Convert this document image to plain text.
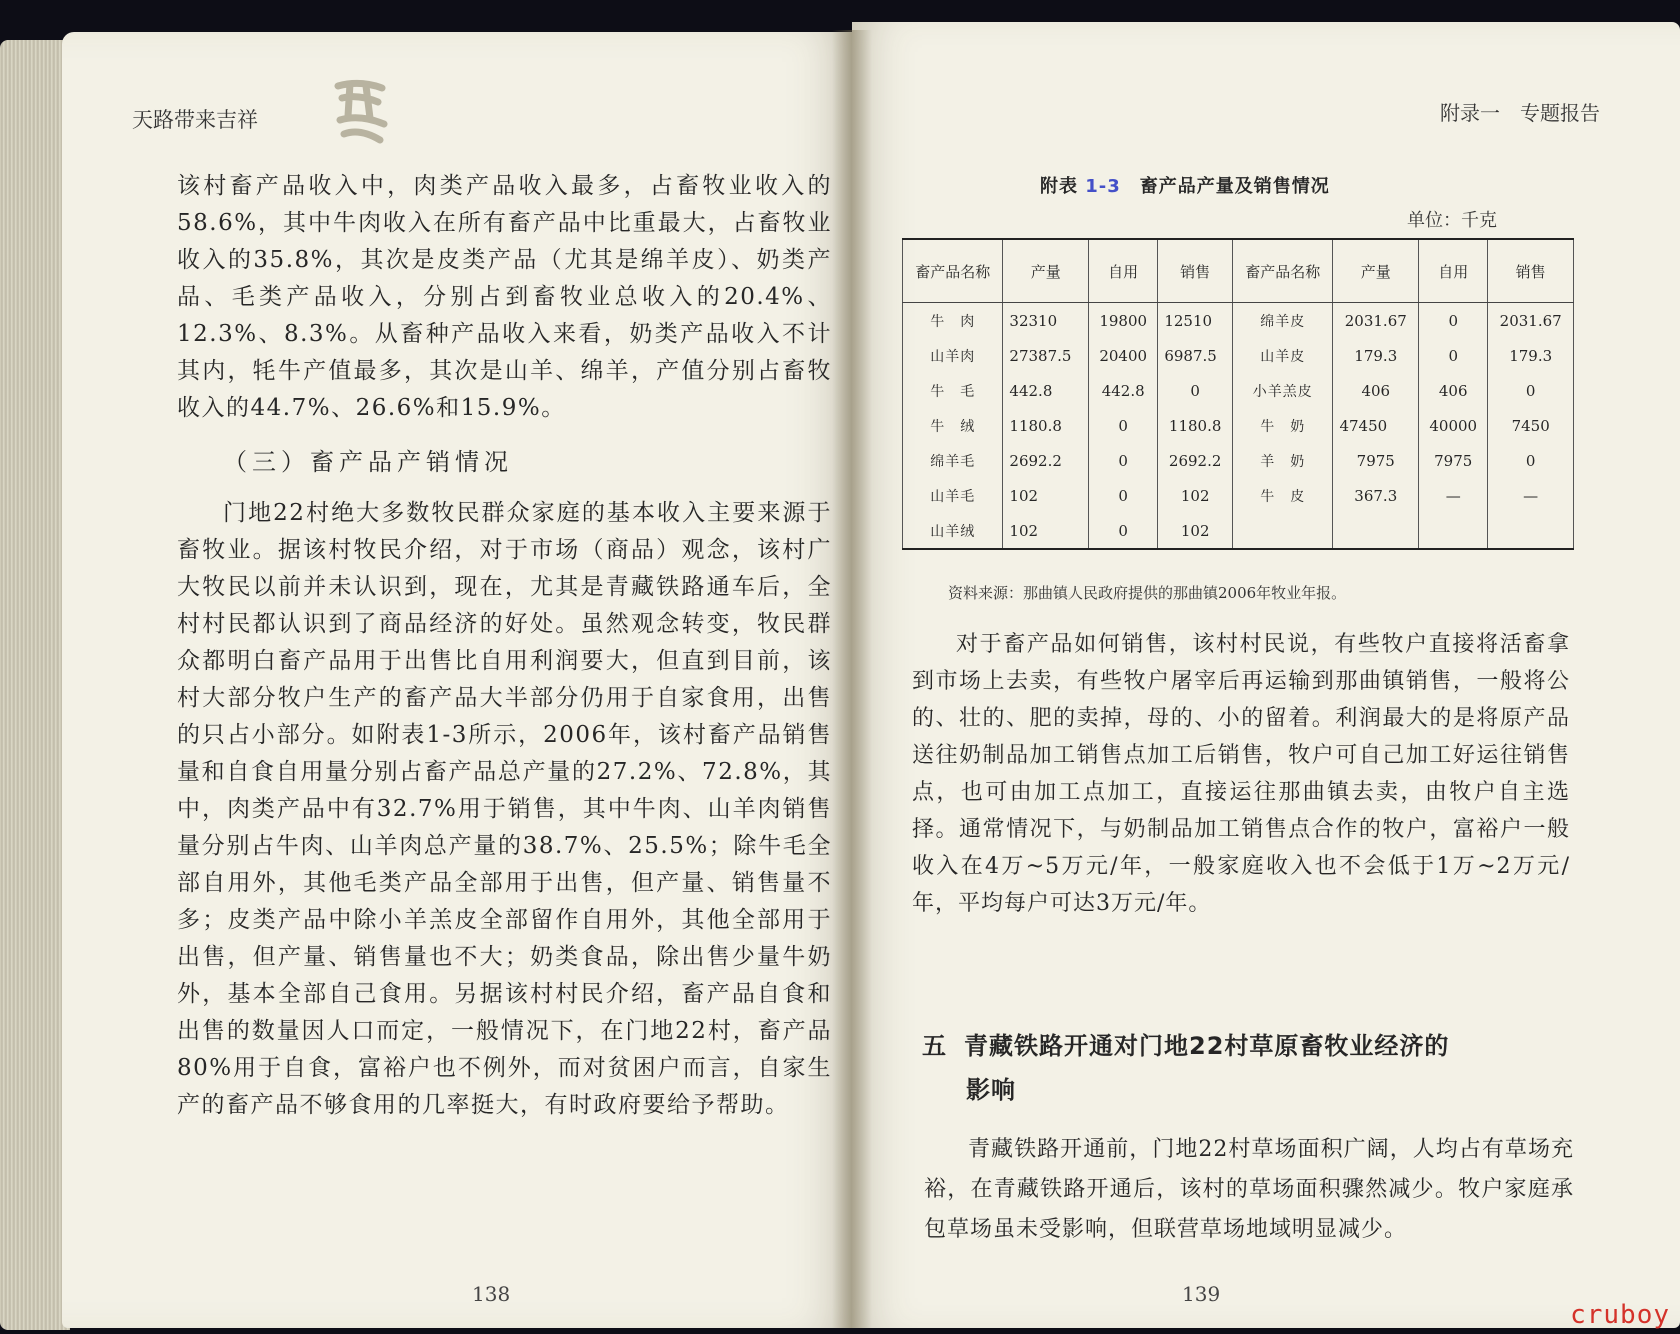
天路带来吉祥

该村畜产品收入中，肉类产品收入最多，占畜牧业收入的58.6%，其中牛肉收入在所有畜产品中比重最大，占畜牧业收入的35.8%，其次是皮类产品（尤其是绵羊皮）、奶类产品、毛类产品收入，分别占到畜牧业总收入的20.4%、12.3%、8.3%。从畜种产品收入来看，奶类产品收入不计其内，牦牛产值最多，其次是山羊、绵羊，产值分别占畜牧收入的44.7%、26.6%和15.9%。

（三）畜产品产销情况

门地22村绝大多数牧民群众家庭的基本收入主要来源于畜牧业。据该村牧民介绍，对于市场（商品）观念，该村广大牧民以前并未认识到，现在，尤其是青藏铁路通车后，全村村民都认识到了商品经济的好处。虽然观念转变，牧民群众都明白畜产品用于出售比自用利润要大，但直到目前，该村大部分牧户生产的畜产品大半部分仍用于自家食用，出售的只占小部分。如附表1-3所示，2006年，该村畜产品销售量和自食自用量分别占畜产品总产量的27.2%、72.8%，其中，肉类产品中有32.7%用于销售，其中牛肉、山羊肉销售量分别占牛肉、山羊肉总产量的38.7%、25.5%；除牛毛全部自用外，其他毛类产品全部用于出售，但产量、销售量不多；皮类产品中除小羊羔皮全部留作自用外，其他全部用于出售，但产量、销售量也不大；奶类食品，除出售少量牛奶外，基本全部自己食用。另据该村村民介绍，畜产品自食和出售的数量因人口而定，一般情况下，在门地22村，畜产品80%用于自食，富裕户也不例外，而对贫困户而言，自家生产的畜产品不够食用的几率挺大，有时政府要给予帮助。

138
附录一　专题报告
附表 1-3　畜产品产量及销售情况
单位：千克
畜产品名称	产量	自用	销售	畜产品名称	产量	自用	销售
牛　肉	32310	19800	12510	绵羊皮	2031.67	0	2031.67
山羊肉	27387.5	20400	6987.5	山羊皮	179.3	0	179.3
牛　毛	442.8	442.8	0	小羊羔皮	406	406	0
牛　绒	1180.8	0	1180.8	牛　奶	47450	40000	7450
绵羊毛	2692.2	0	2692.2	羊　奶	7975	7975	0
山羊毛	102	0	102	牛　皮	367.3	—	—
山羊绒	102	0	102				
资料来源：那曲镇人民政府提供的那曲镇2006年牧业年报。

对于畜产品如何销售，该村村民说，有些牧户直接将活畜拿到市场上去卖，有些牧户屠宰后再运输到那曲镇销售，一般将公的、壮的、肥的卖掉，母的、小的留着。利润最大的是将原产品送往奶制品加工销售点加工后销售，牧户可自己加工好运往销售点，也可由加工点加工，直接运往那曲镇去卖，由牧户自主选择。通常情况下，与奶制品加工销售点合作的牧户，富裕户一般收入在4万~5万元/年，一般家庭收入也不会低于1万~2万元/年，平均每户可达3万元/年。

五 青藏铁路开通对门地22村草原畜牧业经济的
影响

青藏铁路开通前，门地22村草场面积广阔，人均占有草场充裕，在青藏铁路开通后，该村的草场面积骤然减少。牧户家庭承包草场虽未受影响，但联营草场地域明显减少。

139
cruboy
